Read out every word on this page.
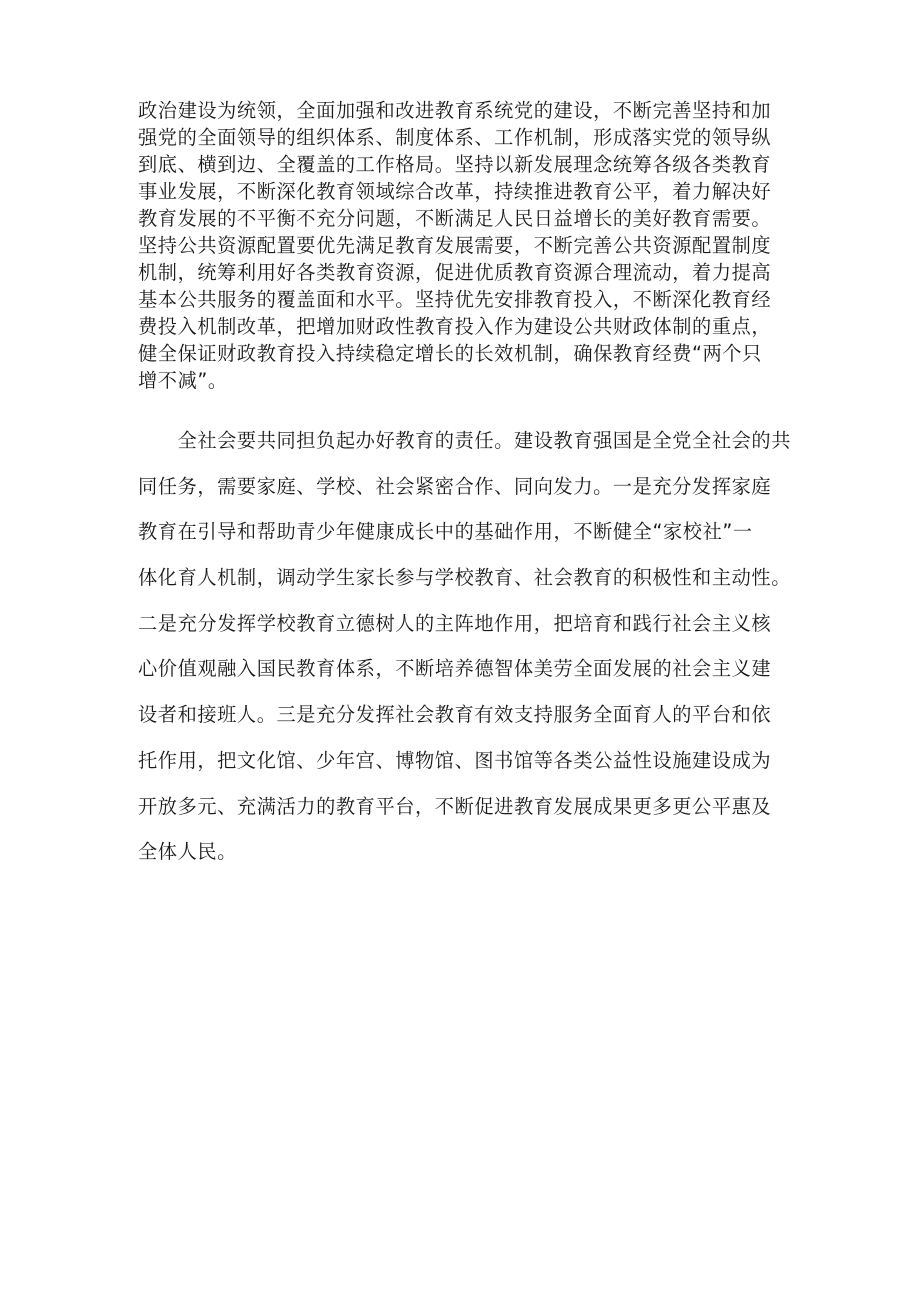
政治建设为统领，全面加强和改进教育系统党的建设，不断完善坚持和加
强党的全面领导的组织体系、制度体系、工作机制，形成落实党的领导纵
到底、横到边、全覆盖的工作格局。坚持以新发展理念统筹各级各类教育
事业发展，不断深化教育领域综合改革，持续推进教育公平，着力解决好
教育发展的不平衡不充分问题，不断满足人民日益增长的美好教育需要。
坚持公共资源配置要优先满足教育发展需要，不断完善公共资源配置制度
机制，统筹利用好各类教育资源，促进优质教育资源合理流动，着力提高
基本公共服务的覆盖面和水平。坚持优先安排教育投入，不断深化教育经
费投入机制改革，把增加财政性教育投入作为建设公共财政体制的重点，
健全保证财政教育投入持续稳定增长的长效机制，确保教育经费“两个只
增不减”。
　　全社会要共同担负起办好教育的责任。建设教育强国是全党全社会的共
同任务，需要家庭、学校、社会紧密合作、同向发力。一是充分发挥家庭
教育在引导和帮助青少年健康成长中的基础作用，不断健全“家校社”一
体化育人机制，调动学生家长参与学校教育、社会教育的积极性和主动性。
二是充分发挥学校教育立德树人的主阵地作用，把培育和践行社会主义核
心价值观融入国民教育体系，不断培养德智体美劳全面发展的社会主义建
设者和接班人。三是充分发挥社会教育有效支持服务全面育人的平台和依
托作用，把文化馆、少年宫、博物馆、图书馆等各类公益性设施建设成为
开放多元、充满活力的教育平台，不断促进教育发展成果更多更公平惠及
全体人民。
